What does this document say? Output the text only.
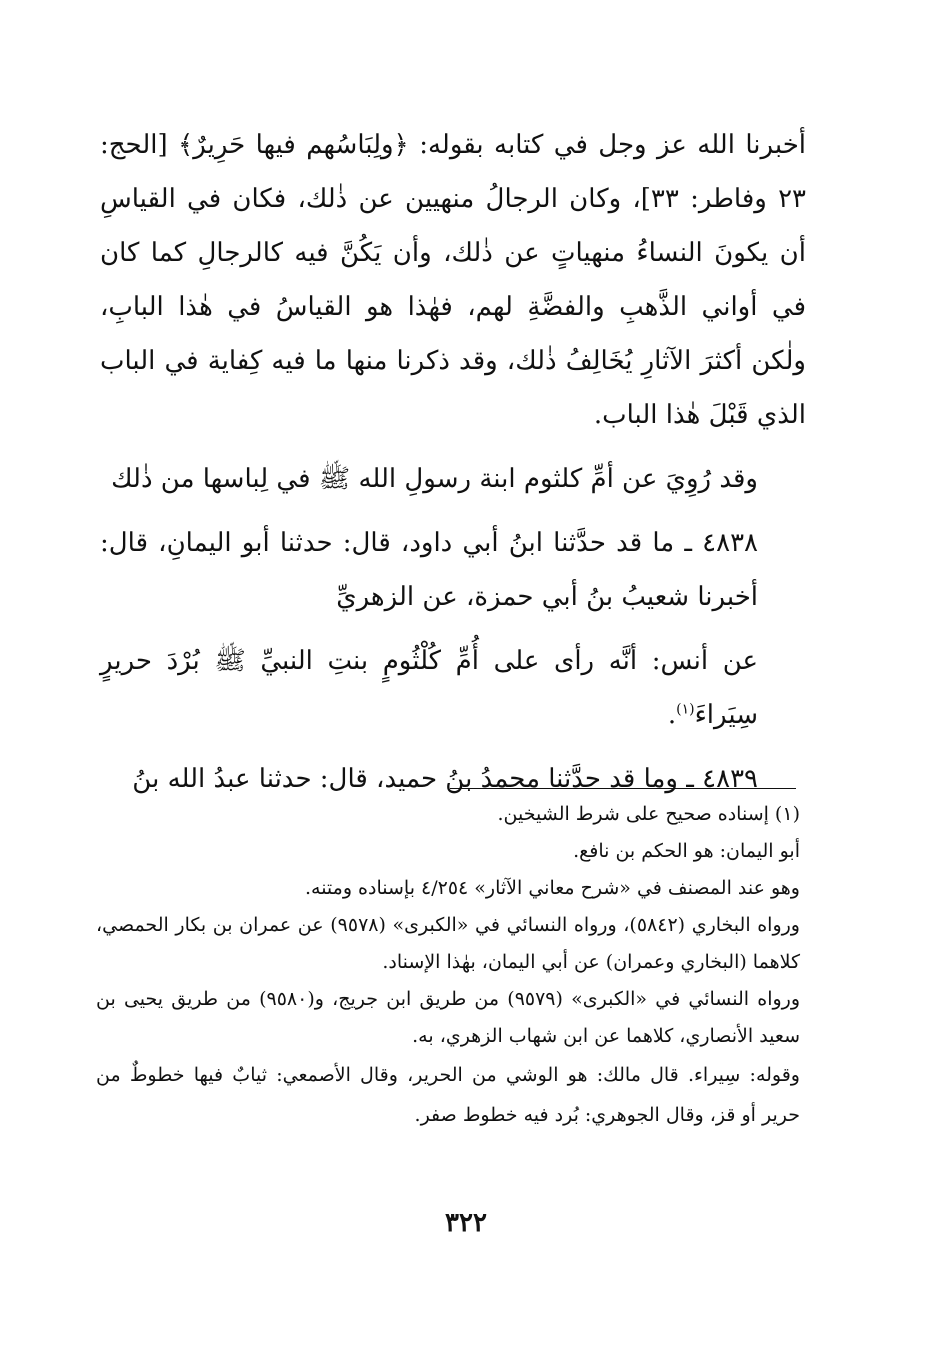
أخبرنا الله عز وجل في كتابه بقوله: ﴿ولِبَاسُهم فيها حَرِيرٌ﴾ [الحج: ٢٣ وفاطر: ٣٣]، وكان الرجالُ منهيين عن ذٰلك، فكان في القياسِ أن يكونَ النساءُ منهياتٍ عن ذٰلك، وأن يَكُنَّ فيه كالرجالِ كما كان في أواني الذَّهبِ والفضَّةِ لهم، فهٰذا هو القياسُ في هٰذا البابِ، ولٰكن أكثرَ الآثارِ يُخَالِفُ ذٰلك، وقد ذكرنا منها ما فيه كِفاية في الباب الذي قَبْلَ هٰذا الباب.

وقد رُوِيَ عن أمِّ كلثوم ابنة رسولِ الله ﷺ في لِباسها من ذٰلك

٤٨٣٨ ـ ما قد حدَّثنا ابنُ أبي داود، قال: حدثنا أبو اليمانِ، قال: أخبرنا شعيبُ بنُ أبي حمزة، عن الزهريِّ

عن أنس: أنَّه رأى على أُمِّ كُلْثُومٍ بنتِ النبيِّ ﷺ بُرْدَ حريرٍ سِيَراءَ$^{(١)}$.

٤٨٣٩ ـ وما قد حدَّثنا محمدُ بنُ حميد، قال: حدثنا عبدُ الله بنُ

(١) إسناده صحيح على شرط الشيخين.

أبو اليمان: هو الحكم بن نافع.

وهو عند المصنف في «شرح معاني الآثار» ٤/٢٥٤ بإسناده ومتنه.

ورواه البخاري (٥٨٤٢)، ورواه النسائي في «الكبرى» (٩٥٧٨) عن عمران بن بكار الحمصي، كلاهما (البخاري وعمران) عن أبي اليمان، بهٰذا الإسناد.

ورواه النسائي في «الكبرى» (٩٥٧٩) من طريق ابن جريج، و(٩٥٨٠) من طريق يحيى بن سعيد الأنصاري، كلاهما عن ابن شهاب الزهري، به.

وقوله: سِيراء. قال مالك: هو الوشي من الحرير، وقال الأصمعي: ثيابٌ فيها خطوطٌ من حرير أو قز، وقال الجوهري: بُرد فيه خطوط صفر.

٣٢٢
